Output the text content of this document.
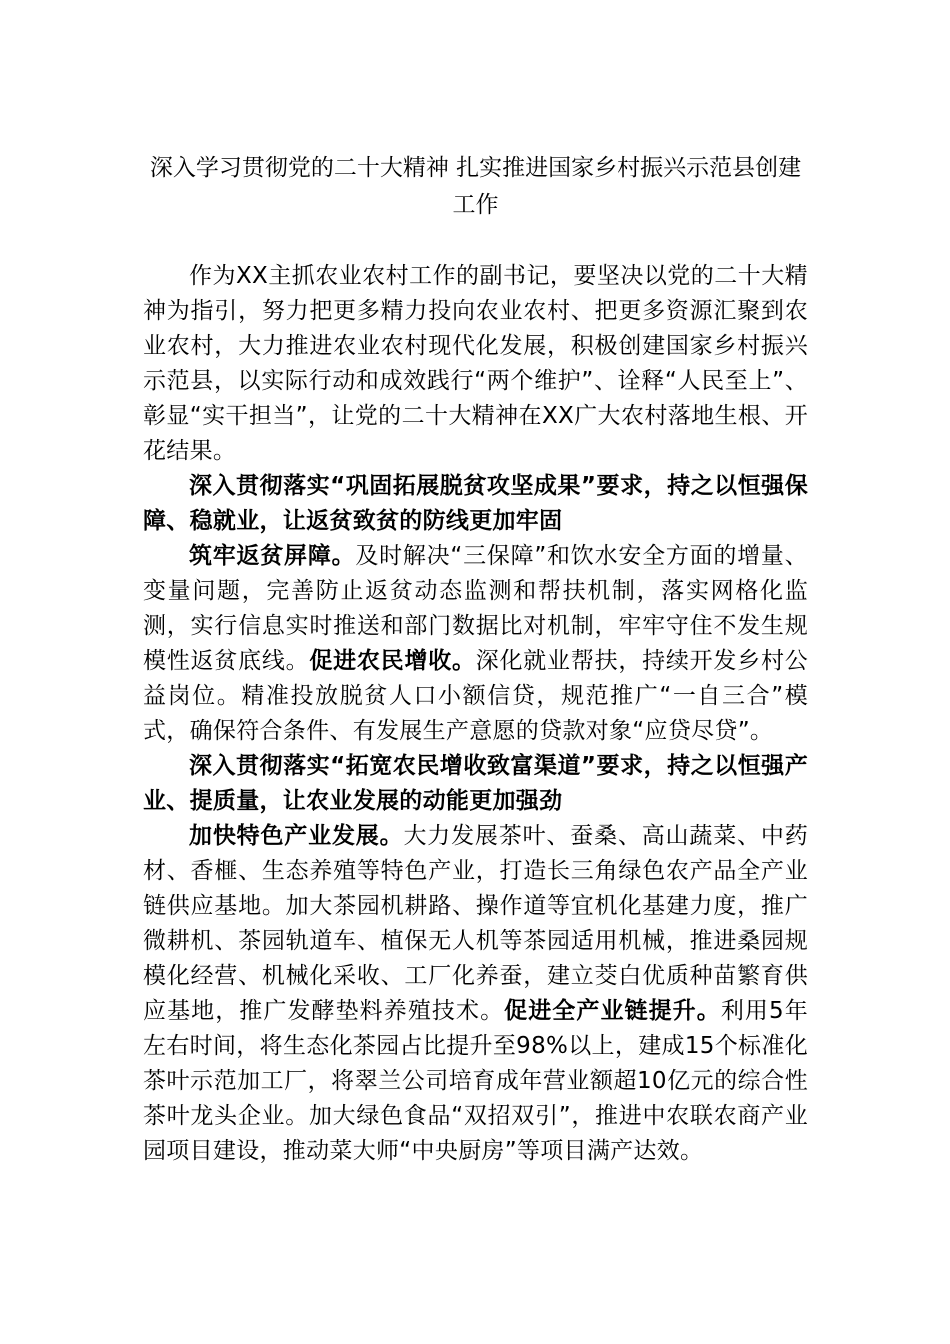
深入学习贯彻党的二十大精神 扎实推进国家乡村振兴示范县创建工作

作为XX主抓农业农村工作的副书记，要坚决以党的二十大精神为指引，努力把更多精力投向农业农村、把更多资源汇聚到农业农村，大力推进农业农村现代化发展，积极创建国家乡村振兴示范县，以实际行动和成效践行“两个维护”、诠释“人民至上”、彰显“实干担当”，让党的二十大精神在XX广大农村落地生根、开花结果。

深入贯彻落实“巩固拓展脱贫攻坚成果”要求，持之以恒强保障、稳就业，让返贫致贫的防线更加牢固

筑牢返贫屏障。及时解决“三保障”和饮水安全方面的增量、变量问题，完善防止返贫动态监测和帮扶机制，落实网格化监测，实行信息实时推送和部门数据比对机制，牢牢守住不发生规模性返贫底线。促进农民增收。深化就业帮扶，持续开发乡村公益岗位。精准投放脱贫人口小额信贷，规范推广“一自三合”模式，确保符合条件、有发展生产意愿的贷款对象“应贷尽贷”。

深入贯彻落实“拓宽农民增收致富渠道”要求，持之以恒强产业、提质量，让农业发展的动能更加强劲

加快特色产业发展。大力发展茶叶、蚕桑、高山蔬菜、中药材、香榧、生态养殖等特色产业，打造长三角绿色农产品全产业链供应基地。加大茶园机耕路、操作道等宜机化基建力度，推广微耕机、茶园轨道车、植保无人机等茶园适用机械，推进桑园规模化经营、机械化采收、工厂化养蚕，建立茭白优质种苗繁育供应基地，推广发酵垫料养殖技术。促进全产业链提升。利用5年左右时间，将生态化茶园占比提升至98%以上，建成15个标准化茶叶示范加工厂，将翠兰公司培育成年营业额超10亿元的综合性茶叶龙头企业。加大绿色食品“双招双引”，推进中农联农商产业园项目建设，推动菜大师“中央厨房”等项目满产达效。
